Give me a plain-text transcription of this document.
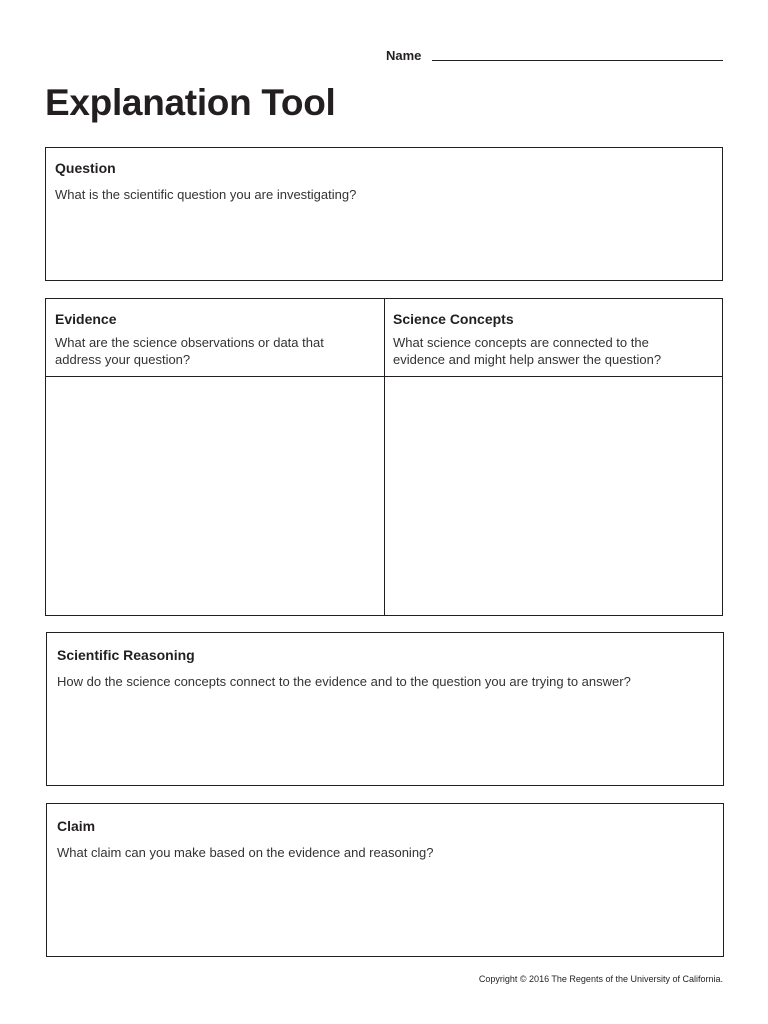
Name
Explanation Tool
Question
What is the scientific question you are investigating?
Evidence
What are the science observations or data that address your question?
Science Concepts
What science concepts are connected to the evidence and might help answer the question?
Scientific Reasoning
How do the science concepts connect to the evidence and to the question you are trying to answer?
Claim
What claim can you make based on the evidence and reasoning?
Copyright © 2016 The Regents of the University of California.
